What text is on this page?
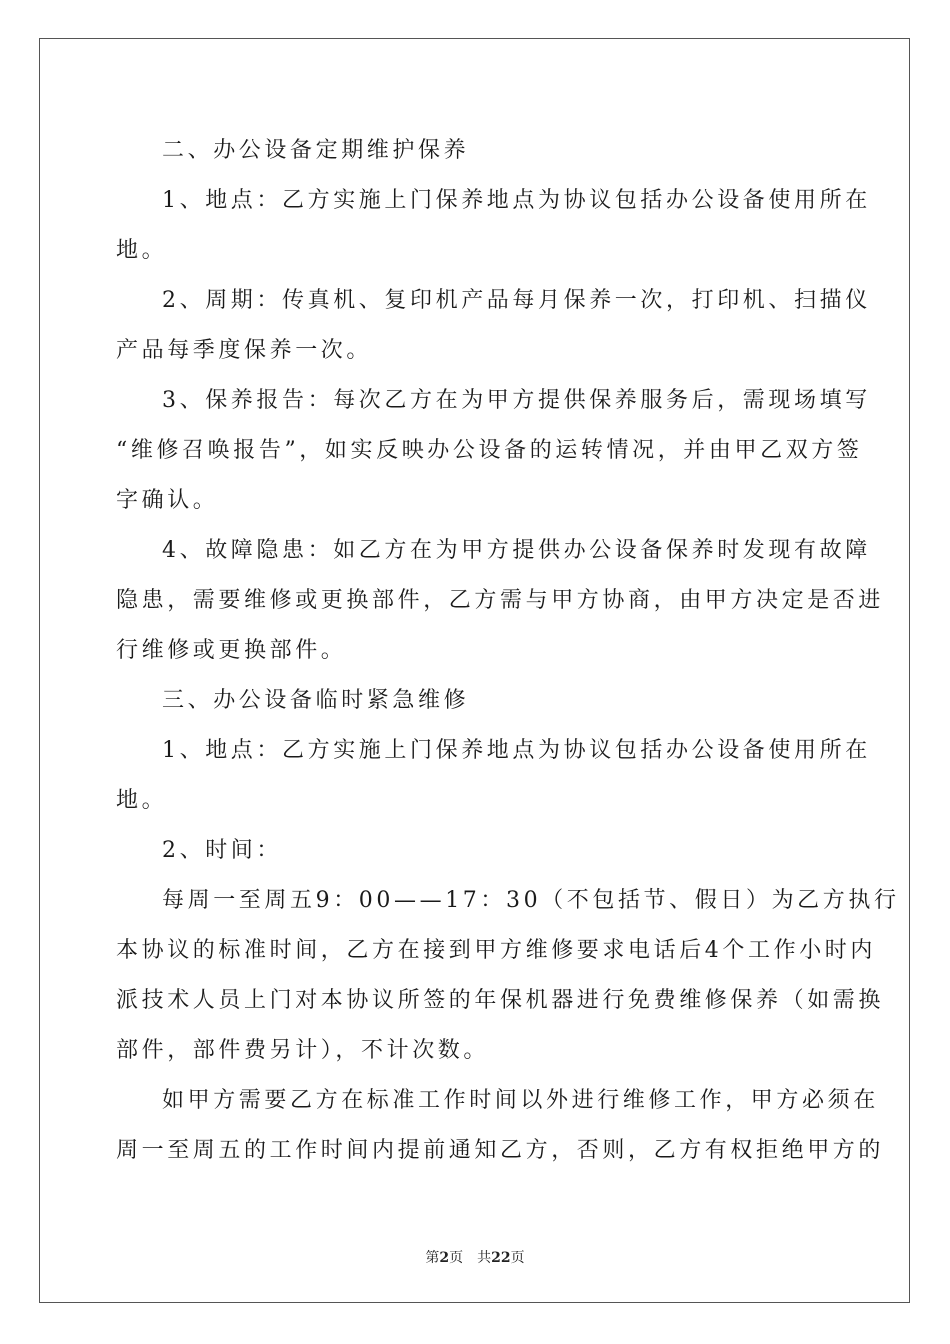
二、办公设备定期维护保养
1、地点：乙方实施上门保养地点为协议包括办公设备使用所在
地。
2、周期：传真机、复印机产品每月保养一次，打印机、扫描仪
产品每季度保养一次。
3、保养报告：每次乙方在为甲方提供保养服务后，需现场填写
“维修召唤报告”，如实反映办公设备的运转情况，并由甲乙双方签
字确认。
4、故障隐患：如乙方在为甲方提供办公设备保养时发现有故障
隐患，需要维修或更换部件，乙方需与甲方协商，由甲方决定是否进
行维修或更换部件。
三、办公设备临时紧急维修
1、地点：乙方实施上门保养地点为协议包括办公设备使用所在
地。
2、时间：
每周一至周五9：00——17：30（不包括节、假日）为乙方执行
本协议的标准时间，乙方在接到甲方维修要求电话后4个工作小时内
派技术人员上门对本协议所签的年保机器进行免费维修保养（如需换
部件，部件费另计），不计次数。
如甲方需要乙方在标准工作时间以外进行维修工作，甲方必须在
周一至周五的工作时间内提前通知乙方，否则，乙方有权拒绝甲方的
第2页 共22页
